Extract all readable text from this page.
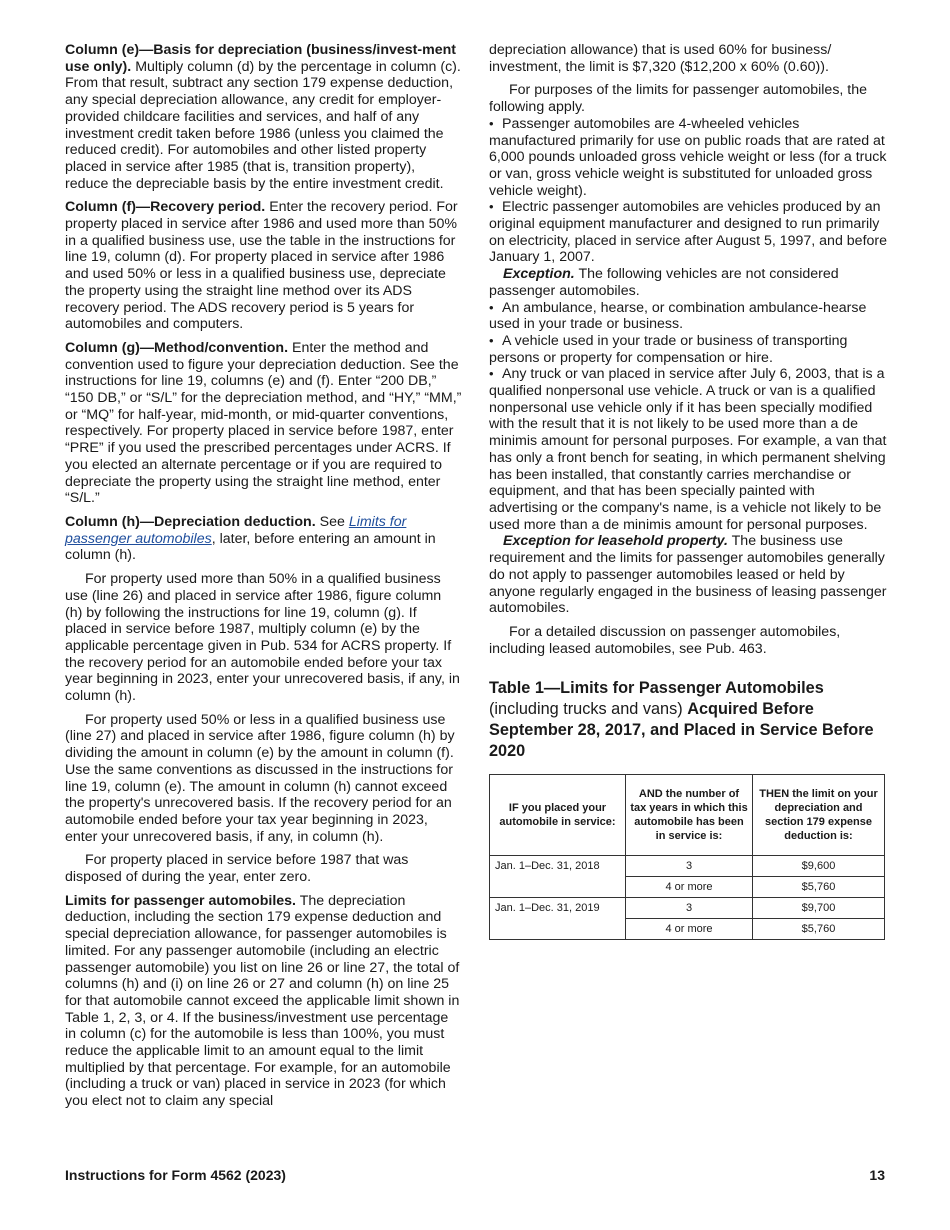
Column (e)—Basis for depreciation (business/invest-ment use only). Multiply column (d) by the percentage in column (c). From that result, subtract any section 179 expense deduction, any special depreciation allowance, any credit for employer-provided childcare facilities and services, and half of any investment credit taken before 1986 (unless you claimed the reduced credit). For automobiles and other listed property placed in service after 1985 (that is, transition property), reduce the depreciable basis by the entire investment credit.

Column (f)—Recovery period. Enter the recovery period. For property placed in service after 1986 and used more than 50% in a qualified business use, use the table in the instructions for line 19, column (d). For property placed in service after 1986 and used 50% or less in a qualified business use, depreciate the property using the straight line method over its ADS recovery period. The ADS recovery period is 5 years for automobiles and computers.

Column (g)—Method/convention. Enter the method and convention used to figure your depreciation deduction. See the instructions for line 19, columns (e) and (f). Enter “200 DB,” “150 DB,” or “S/L” for the depreciation method, and “HY,” “MM,” or “MQ” for half-year, mid-month, or mid-quarter conventions, respectively. For property placed in service before 1987, enter “PRE” if you used the prescribed percentages under ACRS. If you elected an alternate percentage or if you are required to depreciate the property using the straight line method, enter “S/L.”

Column (h)—Depreciation deduction. See Limits for passenger automobiles, later, before entering an amount in column (h).

For property used more than 50% in a qualified business use (line 26) and placed in service after 1986, figure column (h) by following the instructions for line 19, column (g). If placed in service before 1987, multiply column (e) by the applicable percentage given in Pub. 534 for ACRS property. If the recovery period for an automobile ended before your tax year beginning in 2023, enter your unrecovered basis, if any, in column (h).

For property used 50% or less in a qualified business use (line 27) and placed in service after 1986, figure column (h) by dividing the amount in column (e) by the amount in column (f). Use the same conventions as discussed in the instructions for line 19, column (e). The amount in column (h) cannot exceed the property's unrecovered basis. If the recovery period for an automobile ended before your tax year beginning in 2023, enter your unrecovered basis, if any, in column (h).

For property placed in service before 1987 that was disposed of during the year, enter zero.

Limits for passenger automobiles. The depreciation deduction, including the section 179 expense deduction and special depreciation allowance, for passenger automobiles is limited. For any passenger automobile (including an electric passenger automobile) you list on line 26 or line 27, the total of columns (h) and (i) on line 26 or 27 and column (h) on line 25 for that automobile cannot exceed the applicable limit shown in Table 1, 2, 3, or 4. If the business/investment use percentage in column (c) for the automobile is less than 100%, you must reduce the applicable limit to an amount equal to the limit multiplied by that percentage. For example, for an automobile (including a truck or van) placed in service in 2023 (for which you elect not to claim any special

depreciation allowance) that is used 60% for business/ investment, the limit is $7,320 ($12,200 x 60% (0.60)).

For purposes of the limits for passenger automobiles, the following apply.

• Passenger automobiles are 4-wheeled vehicles manufactured primarily for use on public roads that are rated at 6,000 pounds unloaded gross vehicle weight or less (for a truck or van, gross vehicle weight is substituted for unloaded gross vehicle weight).

• Electric passenger automobiles are vehicles produced by an original equipment manufacturer and designed to run primarily on electricity, placed in service after August 5, 1997, and before January 1, 2007.

Exception. The following vehicles are not considered passenger automobiles.

• An ambulance, hearse, or combination ambulance-hearse used in your trade or business.

• A vehicle used in your trade or business of transporting persons or property for compensation or hire.

• Any truck or van placed in service after July 6, 2003, that is a qualified nonpersonal use vehicle. A truck or van is a qualified nonpersonal use vehicle only if it has been specially modified with the result that it is not likely to be used more than a de minimis amount for personal purposes. For example, a van that has only a front bench for seating, in which permanent shelving has been installed, that constantly carries merchandise or equipment, and that has been specially painted with advertising or the company's name, is a vehicle not likely to be used more than a de minimis amount for personal purposes.

Exception for leasehold property. The business use requirement and the limits for passenger automobiles generally do not apply to passenger automobiles leased or held by anyone regularly engaged in the business of leasing passenger automobiles.

For a detailed discussion on passenger automobiles, including leased automobiles, see Pub. 463.

Table 1—Limits for Passenger Automobiles
(including trucks and vans) Acquired Before September 28, 2017, and Placed in Service Before 2020
IF you placed your automobile in service:	AND the number of tax years in which this automobile has been in service is:	THEN the limit on your depreciation and section 179 expense deduction is:
Jan. 1–Dec. 31, 2018	3	$9,600
	4 or more	$5,760
Jan. 1–Dec. 31, 2019	3	$9,700
	4 or more	$5,760
Instructions for Form 4562 (2023)	13
